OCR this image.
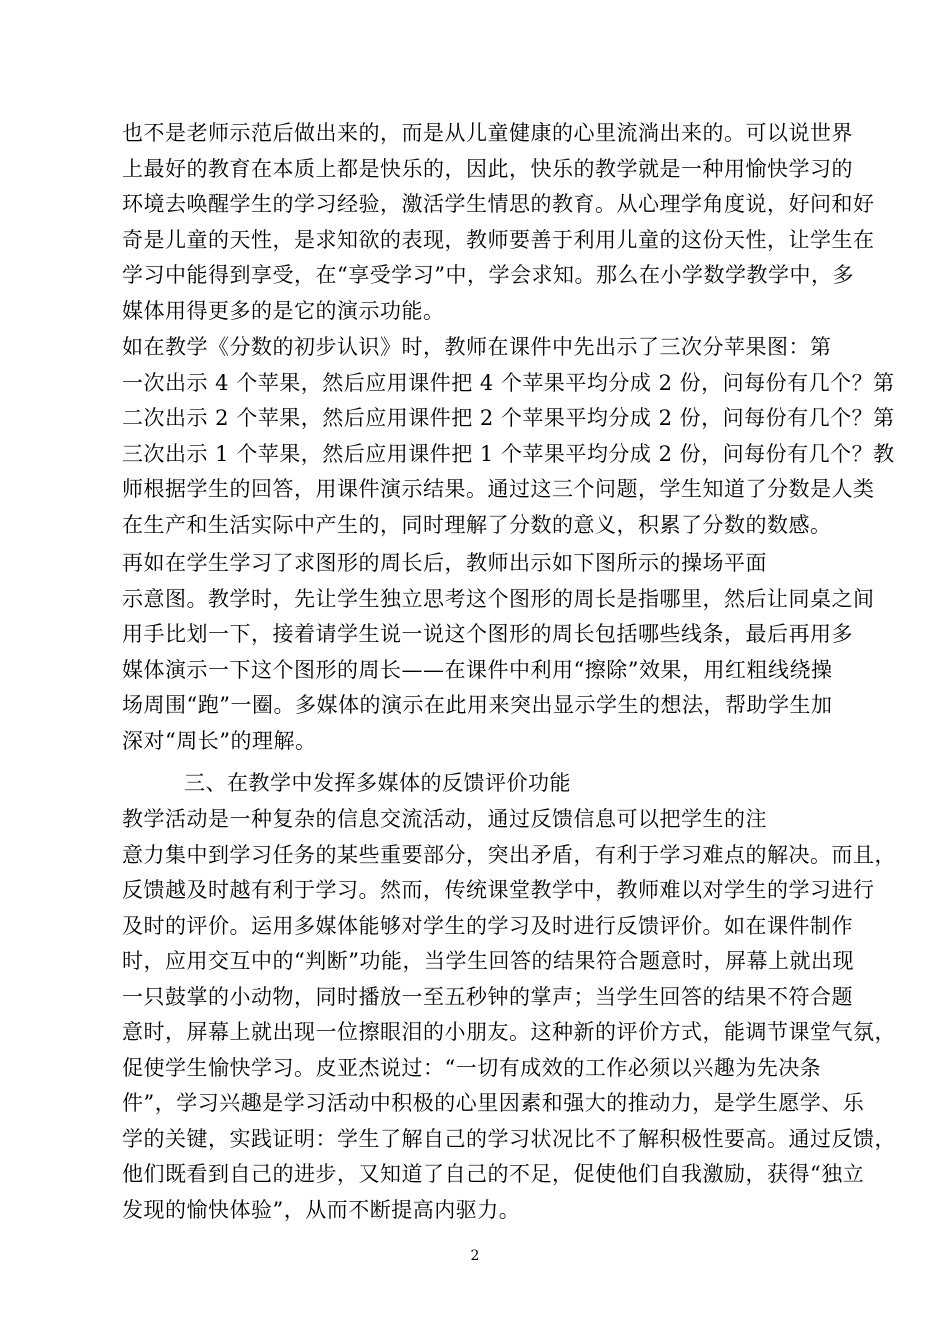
也不是老师示范后做出来的，而是从儿童健康的心里流淌出来的。可以说世界
上最好的教育在本质上都是快乐的，因此，快乐的教学就是一种用愉快学习的
环境去唤醒学生的学习经验，激活学生情思的教育。从心理学角度说，好问和好
奇是儿童的天性，是求知欲的表现，教师要善于利用儿童的这份天性，让学生在
学习中能得到享受，在“享受学习”中，学会求知。那么在小学数学教学中，多
媒体用得更多的是它的演示功能。
如在教学《分数的初步认识》时，教师在课件中先出示了三次分苹果图：第
一次出示 4 个苹果，然后应用课件把 4 个苹果平均分成 2 份，问每份有几个？第
二次出示 2 个苹果，然后应用课件把 2 个苹果平均分成 2 份，问每份有几个？第
三次出示 1 个苹果，然后应用课件把 1 个苹果平均分成 2 份，问每份有几个？教
师根据学生的回答，用课件演示结果。通过这三个问题，学生知道了分数是人类
在生产和生活实际中产生的，同时理解了分数的意义，积累了分数的数感。
再如在学生学习了求图形的周长后，教师出示如下图所示的操场平面
示意图。教学时，先让学生独立思考这个图形的周长是指哪里，然后让同桌之间
用手比划一下，接着请学生说一说这个图形的周长包括哪些线条，最后再用多
媒体演示一下这个图形的周长——在课件中利用“擦除”效果，用红粗线绕操
场周围“跑”一圈。多媒体的演示在此用来突出显示学生的想法，帮助学生加
深对“周长”的理解。
三、在教学中发挥多媒体的反馈评价功能
教学活动是一种复杂的信息交流活动，通过反馈信息可以把学生的注
意力集中到学习任务的某些重要部分，突出矛盾，有利于学习难点的解决。而且，
反馈越及时越有利于学习。然而，传统课堂教学中，教师难以对学生的学习进行
及时的评价。运用多媒体能够对学生的学习及时进行反馈评价。如在课件制作
时，应用交互中的“判断”功能，当学生回答的结果符合题意时，屏幕上就出现
一只鼓掌的小动物，同时播放一至五秒钟的掌声；当学生回答的结果不符合题
意时，屏幕上就出现一位擦眼泪的小朋友。这种新的评价方式，能调节课堂气氛，
促使学生愉快学习。皮亚杰说过：“一切有成效的工作必须以兴趣为先决条
件”，学习兴趣是学习活动中积极的心里因素和强大的推动力，是学生愿学、乐
学的关键，实践证明：学生了解自己的学习状况比不了解积极性要高。通过反馈，
他们既看到自己的进步，又知道了自己的不足，促使他们自我激励，获得“独立
发现的愉快体验”，从而不断提高内驱力。
2
